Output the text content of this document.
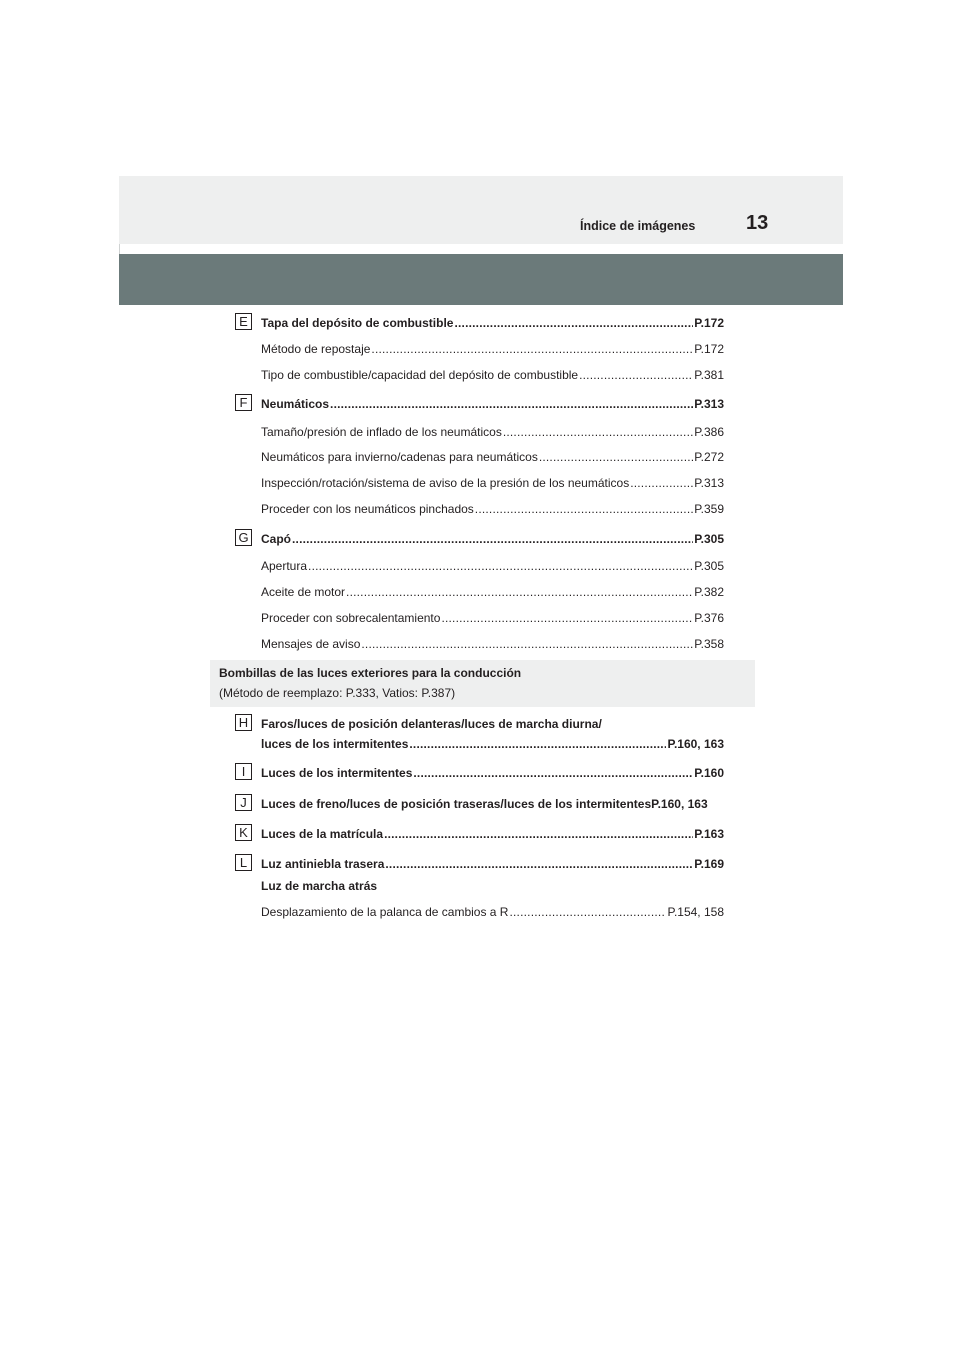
Índice de imágenes	13
E	Tapa del depósito de combustible .....	P.172
Método de repostaje .....	P.172
Tipo de combustible/capacidad del depósito de combustible .....	P.381
F	Neumáticos .....	P.313
Tamaño/presión de inflado de los neumáticos .....	P.386
Neumáticos para invierno/cadenas para neumáticos .....	P.272
Inspección/rotación/sistema de aviso de la presión de los neumáticos .....	P.313
Proceder con los neumáticos pinchados .....	P.359
G Capó .....	P.305
Apertura .....	P.305
Aceite de motor .....	P.382
Proceder con sobrecalentamiento .....	P.376
Mensajes de aviso .....	P.358
Bombillas de las luces exteriores para la conducción
(Método de reemplazo: P.333, Vatios: P.387)
H	Faros/luces de posición delanteras/luces de marcha diurna/
luces de los intermitentes .....	P.160, 163
I	Luces de los intermitentes .....	P.160
J	Luces de freno/luces de posición traseras/luces de los intermitentesP.160, 163
K	Luces de la matrícula .....	P.163
L	Luz antiniebla trasera .....	P.169
Luz de marcha atrás
Desplazamiento de la palanca de cambios a R .....	P.154, 158
